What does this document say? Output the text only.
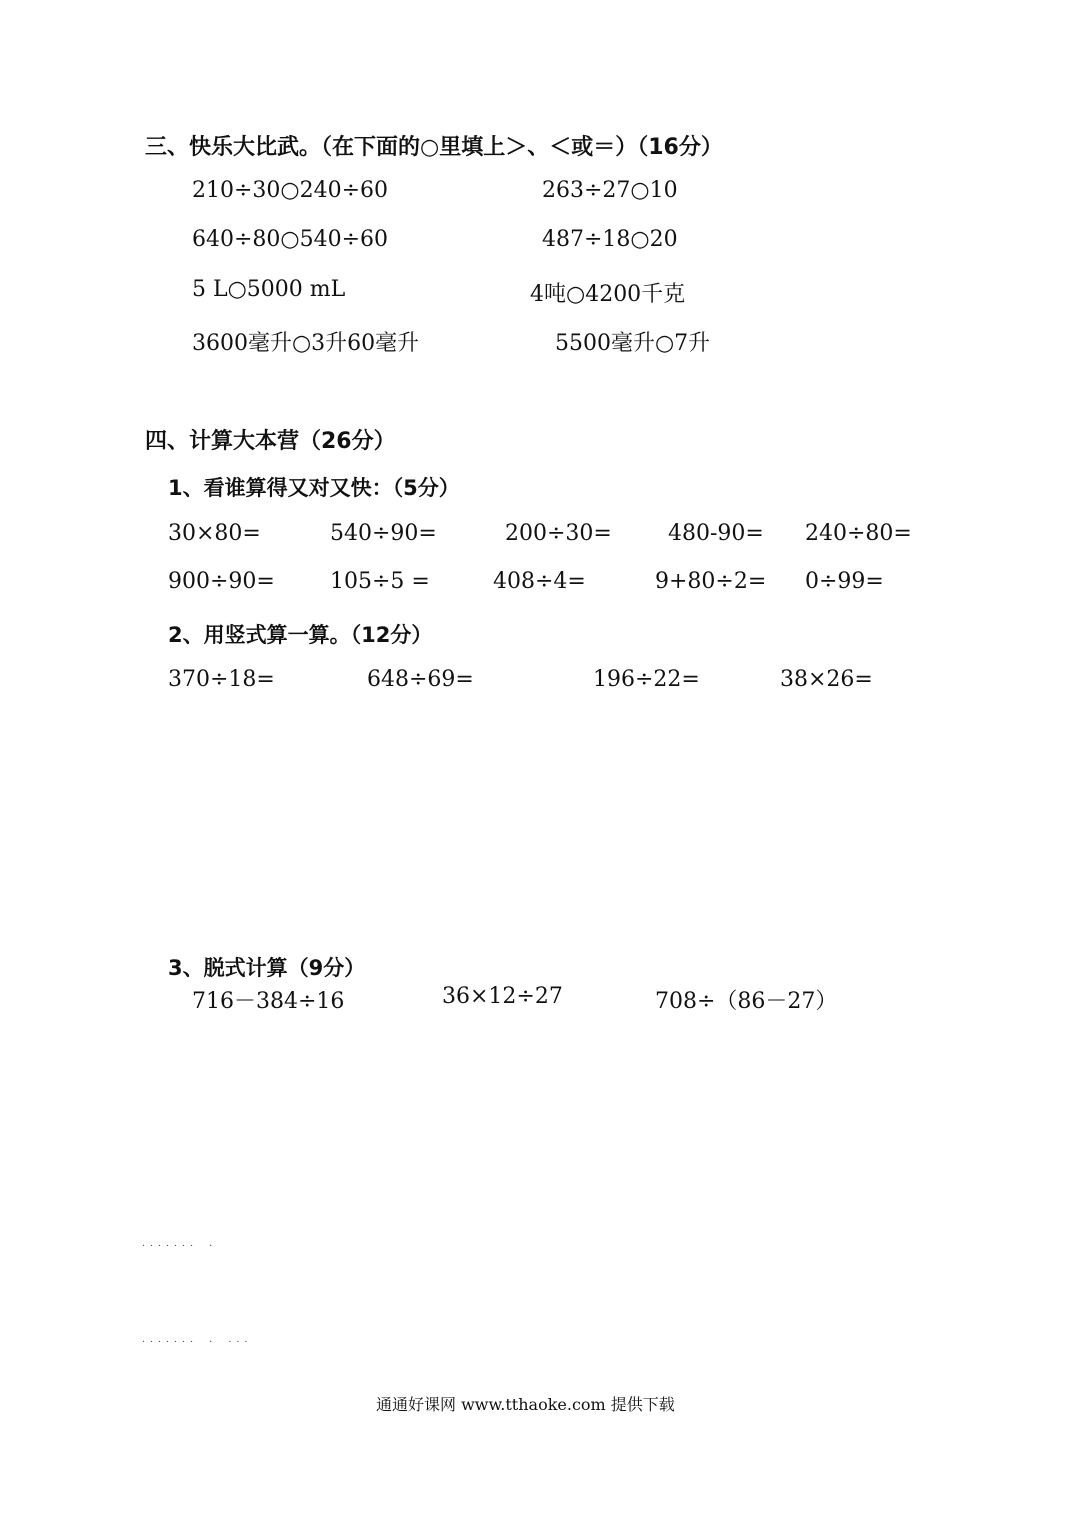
三、快乐大比武。（在下面的○里填上＞、＜或＝）（16分）
210÷30○240÷60	263÷27○10
640÷80○540÷60	487÷18○20
5 L○5000 mL	4吨○4200千克
3600毫升○3升60毫升	5500毫升○7升
四、计算大本营（26分）
1、看谁算得又对又快：（5分）
30×80=	540÷90=	200÷30=	480-90= 240÷80=
900÷90=	105÷5 =	408÷4=	9+80÷2= 0÷99=
2、用竖式算一算。（12分）
370÷18=	648÷69=	196÷22=	38×26=
3、脱式计算（9分）
716－384÷16	36×12÷27	708÷（86－27）
．．．．．．． ．
．．．．．．． ． ．．．
通通好课网 www.tthaoke.com 提供下载
